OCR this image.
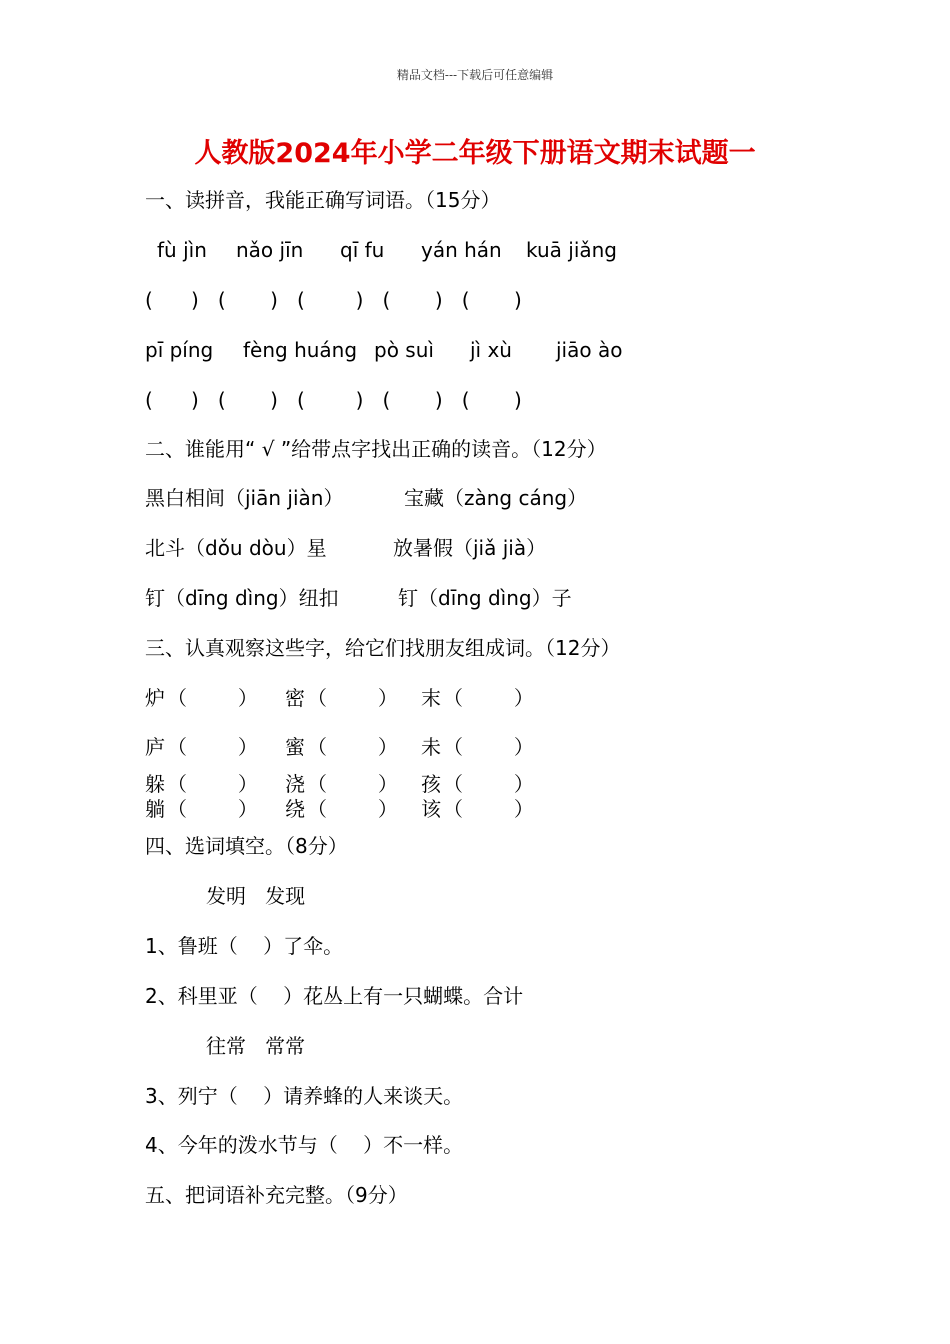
精品文档---下载后可任意编辑
人教版2024年小学二年级下册语文期末试题一
一、读拼音，我能正确写词语。（15分）
fù jìn nǎo jīn qī fu yán hán kuā jiǎng
(      )   (       )   (        )   (       )   (       )
pī píng fèng huáng pò suì jì xù jiāo ào
(      )   (       )   (        )   (       )   (       )
二、谁能用“ √ ”给带点字找出正确的读音。（12分）
黑白相间（jiān jiàn）	宝藏（zàng cáng）
北斗（dǒu dòu）星	放暑假（jiǎ jià）
钉（dīng dìng）纽扣	钉（dīng dìng）子
三、认真观察这些字，给它们找朋友组成词。（12分）
炉 （        ） 密 （        ） 末 （        ）
庐 （        ） 蜜 （        ） 未 （        ）
躲 （        ） 浇 （        ） 孩 （        ）
躺 （        ） 绕 （        ） 该 （        ）
四、选词填空。（8分）
发明   发现
1、鲁班（    ）了伞。
2、科里亚（    ）花丛上有一只蝴蝶。合计
往常   常常
3、列宁（    ）请养蜂的人来谈天。
4、今年的泼水节与（    ）不一样。
五、把词语补充完整。（9分）
